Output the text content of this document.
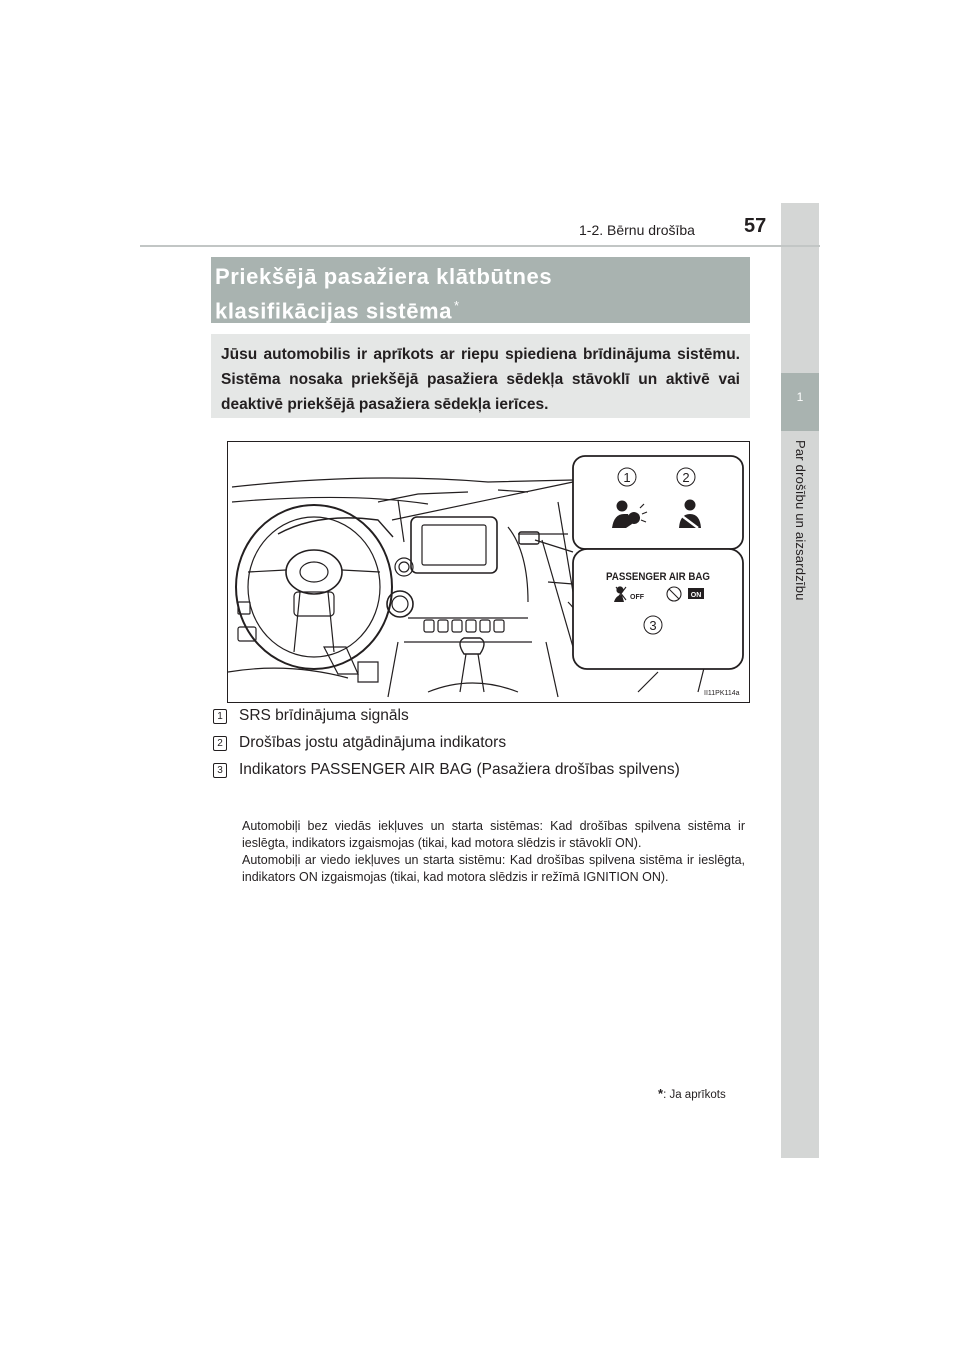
1
Par drošību un aizsardzību
1-2. Bērnu drošība 57
Priekšējā pasažiera klātbūtnes
klasifikācijas sistēma *
Jūsu automobilis ir aprīkots ar riepu spiediena brīdinājuma sistēmu. Sistēma nosaka priekšējā pasažiera sēdekļa stāvoklī un aktivē vai deaktivē priekšējā pasažiera sēdekļa ierīces.
1	2
3
PASSENGER AIR BAG
OFF	ON
II11PK114a
1 SRS brīdinājuma signāls
2 Drošības jostu atgādinājuma indikators
3 Indikators PASSENGER AIR BAG (Pasažiera drošības spilvens)

Automobiļi bez viedās iekļuves un starta sistēmas: Kad drošības spilvena sistēma ir ieslēgta, indikators izgaismojas (tikai, kad motora slēdzis ir stāvoklī ON).

Automobiļi ar viedo iekļuves un starta sistēmu: Kad drošības spilvena sistēma ir ieslēgta, indikators ON izgaismojas (tikai, kad motora slēdzis ir režīmā IGNITION ON).

*: Ja aprīkots
